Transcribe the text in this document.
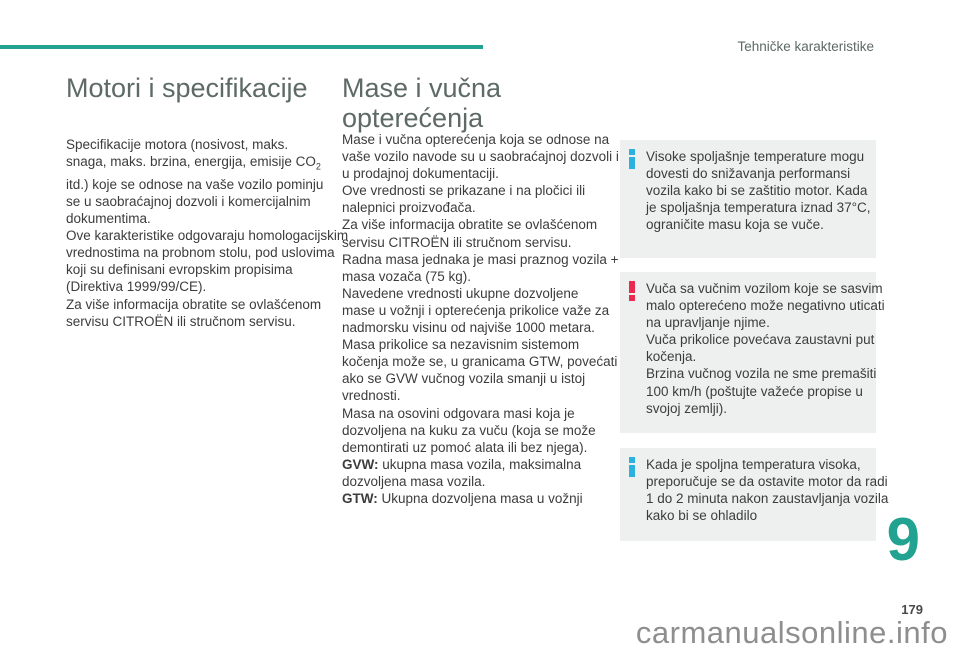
Tehničke karakteristike
Motori i specifikacije
Specifikacije motora (nosivost, maks.
snaga, maks. brzina, energija, emisije $CO_2$
itd.) koje se odnose na vaše vozilo pominju
se u saobraćajnoj dozvoli i komercijalnim
dokumentima.
Ove karakteristike odgovaraju homologacijskim
vrednostima na probnom stolu, pod uslovima
koji su definisani evropskim propisima
(Direktiva 1999/99/CE).
Za više informacija obratite se ovlašćenom
servisu CITROËN ili stručnom servisu.
Mase i vučna opterećenja
Mase i vučna opterećenja koja se odnose na
vaše vozilo navode su u saobraćajnoj dozvoli i
u prodajnoj dokumentaciji.
Ove vrednosti se prikazane i na pločici ili
nalepnici proizvođača.
Za više informacija obratite se ovlašćenom
servisu CITROËN ili stručnom servisu.
Radna masa jednaka je masi praznog vozila +
masa vozača (75 kg).
Navedene vrednosti ukupne dozvoljene
mase u vožnji i opterećenja prikolice važe za
nadmorsku visinu od najviše 1000 metara.
Masa prikolice sa nezavisnim sistemom
kočenja može se, u granicama GTW, povećati
ako se GVW vučnog vozila smanji u istoj
vrednosti.
Masa na osovini odgovara masi koja je
dozvoljena na kuku za vuču (koja se može
demontirati uz pomoć alata ili bez njega).
GVW: ukupna masa vozila, maksimalna
dozvoljena masa vozila.
GTW: Ukupna dozvoljena masa u vožnji
Visoke spoljašnje temperature mogu
dovesti do snižavanja performansi
vozila kako bi se zaštitio motor. Kada
je spoljašnja temperatura iznad 37°C,
ograničite masu koja se vuče.
Vuča sa vučnim vozilom koje se sasvim
malo opterećeno može negativno uticati
na upravljanje njime.
Vuča prikolice povećava zaustavni put
kočenja.
Brzina vučnog vozila ne sme premašiti
100 km/h (poštujte važeće propise u
svojoj zemlji).
Kada je spoljna temperatura visoka,
preporučuje se da ostavite motor da radi
1 do 2 minuta nakon zaustavljanja vozila
kako bi se ohladilo	9
179
carmanualsonline.info
